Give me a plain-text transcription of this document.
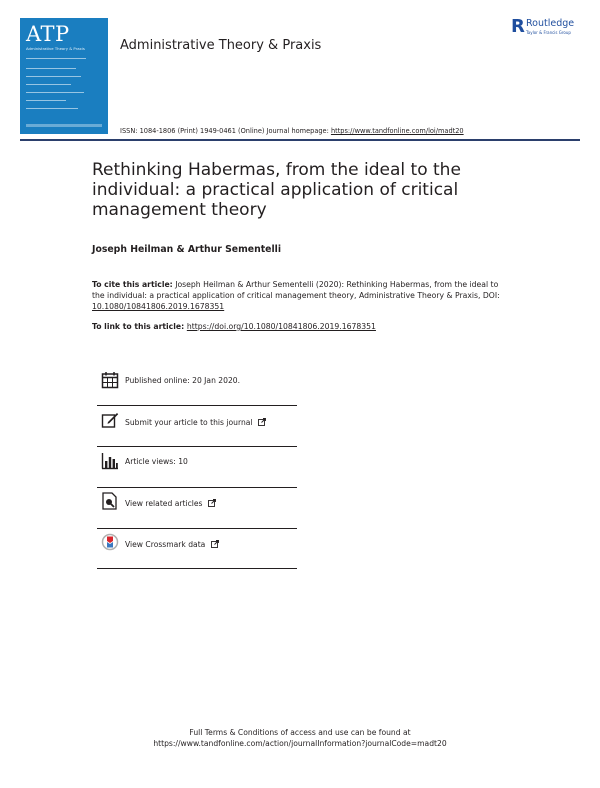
ATP
Administrative Theory & Praxis	Administrative Theory & Praxis
R Routledge
Taylor & Francis Group
ISSN: 1084-1806 (Print) 1949-0461 (Online) Journal homepage: https://www.tandfonline.com/loi/madt20
Rethinking Habermas, from the ideal to the individual: a practical application of critical management theory
Joseph Heilman & Arthur Sementelli
To cite this article: Joseph Heilman & Arthur Sementelli (2020): Rethinking Habermas, from the ideal to the individual: a practical application of critical management theory, Administrative Theory & Praxis, DOI: 10.1080/10841806.2019.1678351
To link to this article: https://doi.org/10.1080/10841806.2019.1678351
Published online: 20 Jan 2020.
Submit your article to this journal
Article views: 10
View related articles
View Crossmark data
Full Terms & Conditions of access and use can be found at
https://www.tandfonline.com/action/journalInformation?journalCode=madt20
